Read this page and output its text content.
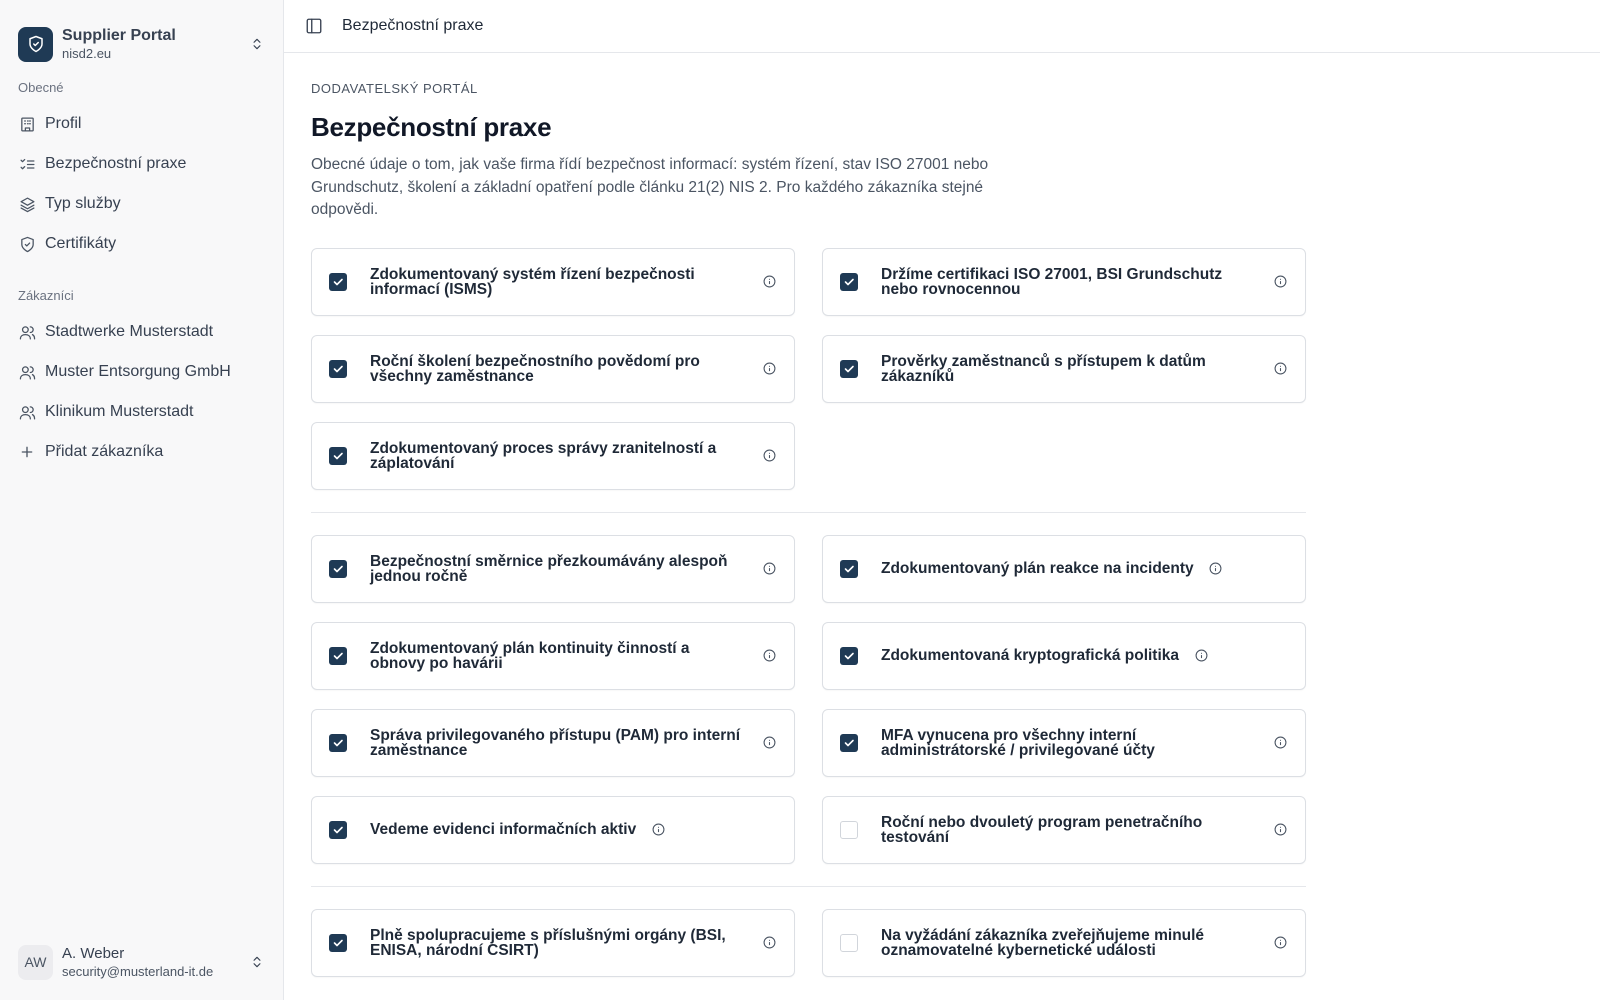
Supplier Portal
nisd2.eu
Obecné
Profil
Bezpečnostní praxe
Typ služby
Certifikáty
Zákazníci
Stadtwerke Musterstadt
Muster Entsorgung GmbH
Klinikum Musterstadt
Přidat zákazníka
AW	A. Weber
security@musterland-it.de
Bezpečnostní praxe
DODAVATELSKÝ PORTÁL
Bezpečnostní praxe
Obecné údaje o tom, jak vaše firma řídí bezpečnost informací: systém řízení, stav ISO 27001 nebo Grundschutz, školení a základní opatření podle článku 21(2) NIS 2. Pro každého zákazníka stejné odpovědi.
Zdokumentovaný systém řízení bezpečnosti informací (ISMS)
Držíme certifikaci ISO 27001, BSI Grundschutz nebo rovnocennou
Roční školení bezpečnostního povědomí pro všechny zaměstnance
Prověrky zaměstnanců s přístupem k datům zákazníků
Zdokumentovaný proces správy zranitelností a záplatování
Bezpečnostní směrnice přezkoumávány alespoň jednou ročně	Zdokumentovaný plán reakce na incidenty
Zdokumentovaný plán kontinuity činností a obnovy po havárii	Zdokumentovaná kryptografická politika
Správa privilegovaného přístupu (PAM) pro interní zaměstnance
MFA vynucena pro všechny interní administrátorské / privilegované účty
Vedeme evidenci informačních aktiv	Roční nebo dvouletý program penetračního testování
Plně spolupracujeme s příslušnými orgány (BSI, ENISA, národní CSIRT)
Na vyžádání zákazníka zveřejňujeme minulé oznamovatelné kybernetické události
